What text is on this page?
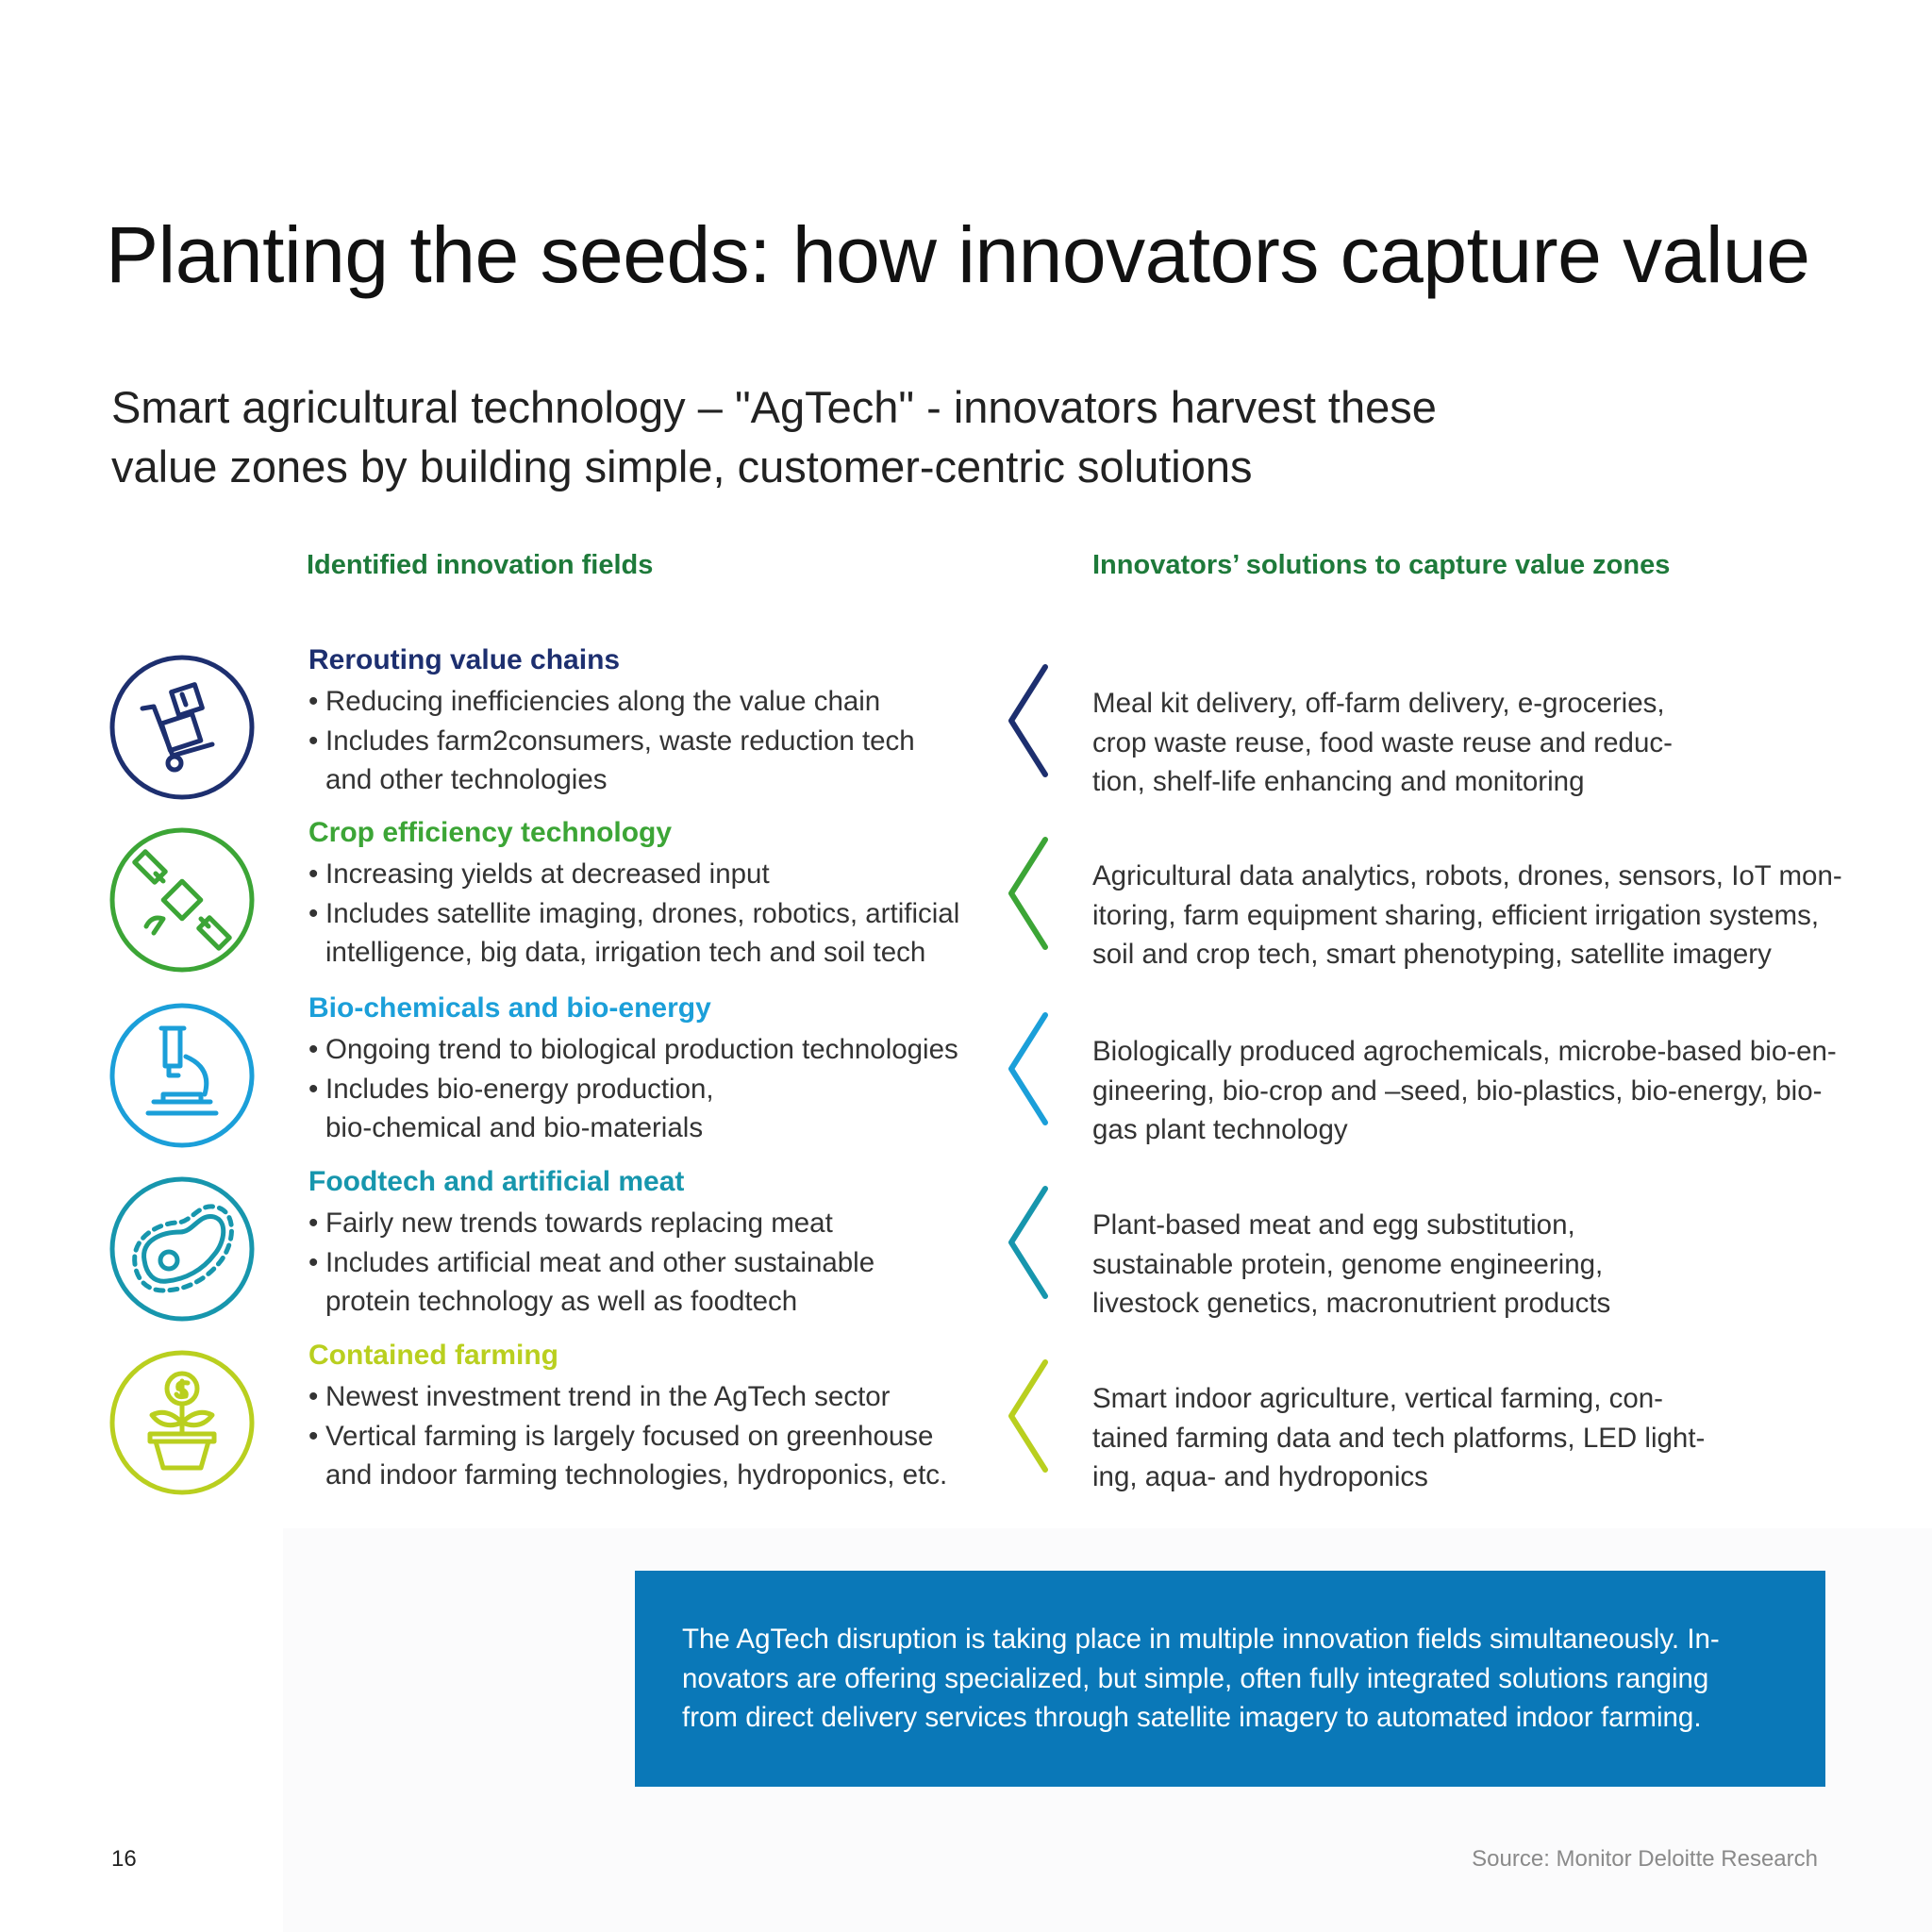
Planting the seeds: how innovators capture value

Smart agricultural technology – "AgTech" - innovators harvest these value zones by building simple, customer-centric solutions

Identified innovation fields	Innovators’ solutions to capture value zones
Rerouting value chains
• Reducing inefficiencies along the value chain
• Includes farm2consumers, waste reduction tech
and other technologies

Meal kit delivery, off-farm delivery, e-groceries,
crop waste reuse, food waste reuse and reduc-
tion, shelf-life enhancing and monitoring

Crop efficiency technology
• Increasing yields at decreased input
• Includes satellite imaging, drones, robotics, artificial
intelligence, big data, irrigation tech and soil tech

Agricultural data analytics, robots, drones, sensors, IoT mon-
itoring, farm equipment sharing, efficient irrigation systems,
soil and crop tech, smart phenotyping, satellite imagery

Bio-chemicals and bio-energy
• Ongoing trend to biological production technologies
• Includes bio-energy production,
bio-chemical and bio-materials

Biologically produced agrochemicals, microbe-based bio-en-
gineering, bio-crop and –seed, bio-plastics, bio-energy, bio-
gas plant technology

Foodtech and artificial meat
• Fairly new trends towards replacing meat
• Includes artificial meat and other sustainable
protein technology as well as foodtech

Plant-based meat and egg substitution,
sustainable protein, genome engineering,
livestock genetics, macronutrient products

Contained farming
• Newest investment trend in the AgTech sector
• Vertical farming is largely focused on greenhouse
and indoor farming technologies, hydroponics, etc.

Smart indoor agriculture, vertical farming, con-
tained farming data and tech platforms, LED light-
ing, aqua- and hydroponics

The AgTech disruption is taking place in multiple innovation fields simultaneously. In-
novators are offering specialized, but simple, often fully integrated solutions ranging
from direct delivery services through satellite imagery to automated indoor farming.

16	Source: Monitor Deloitte Research
